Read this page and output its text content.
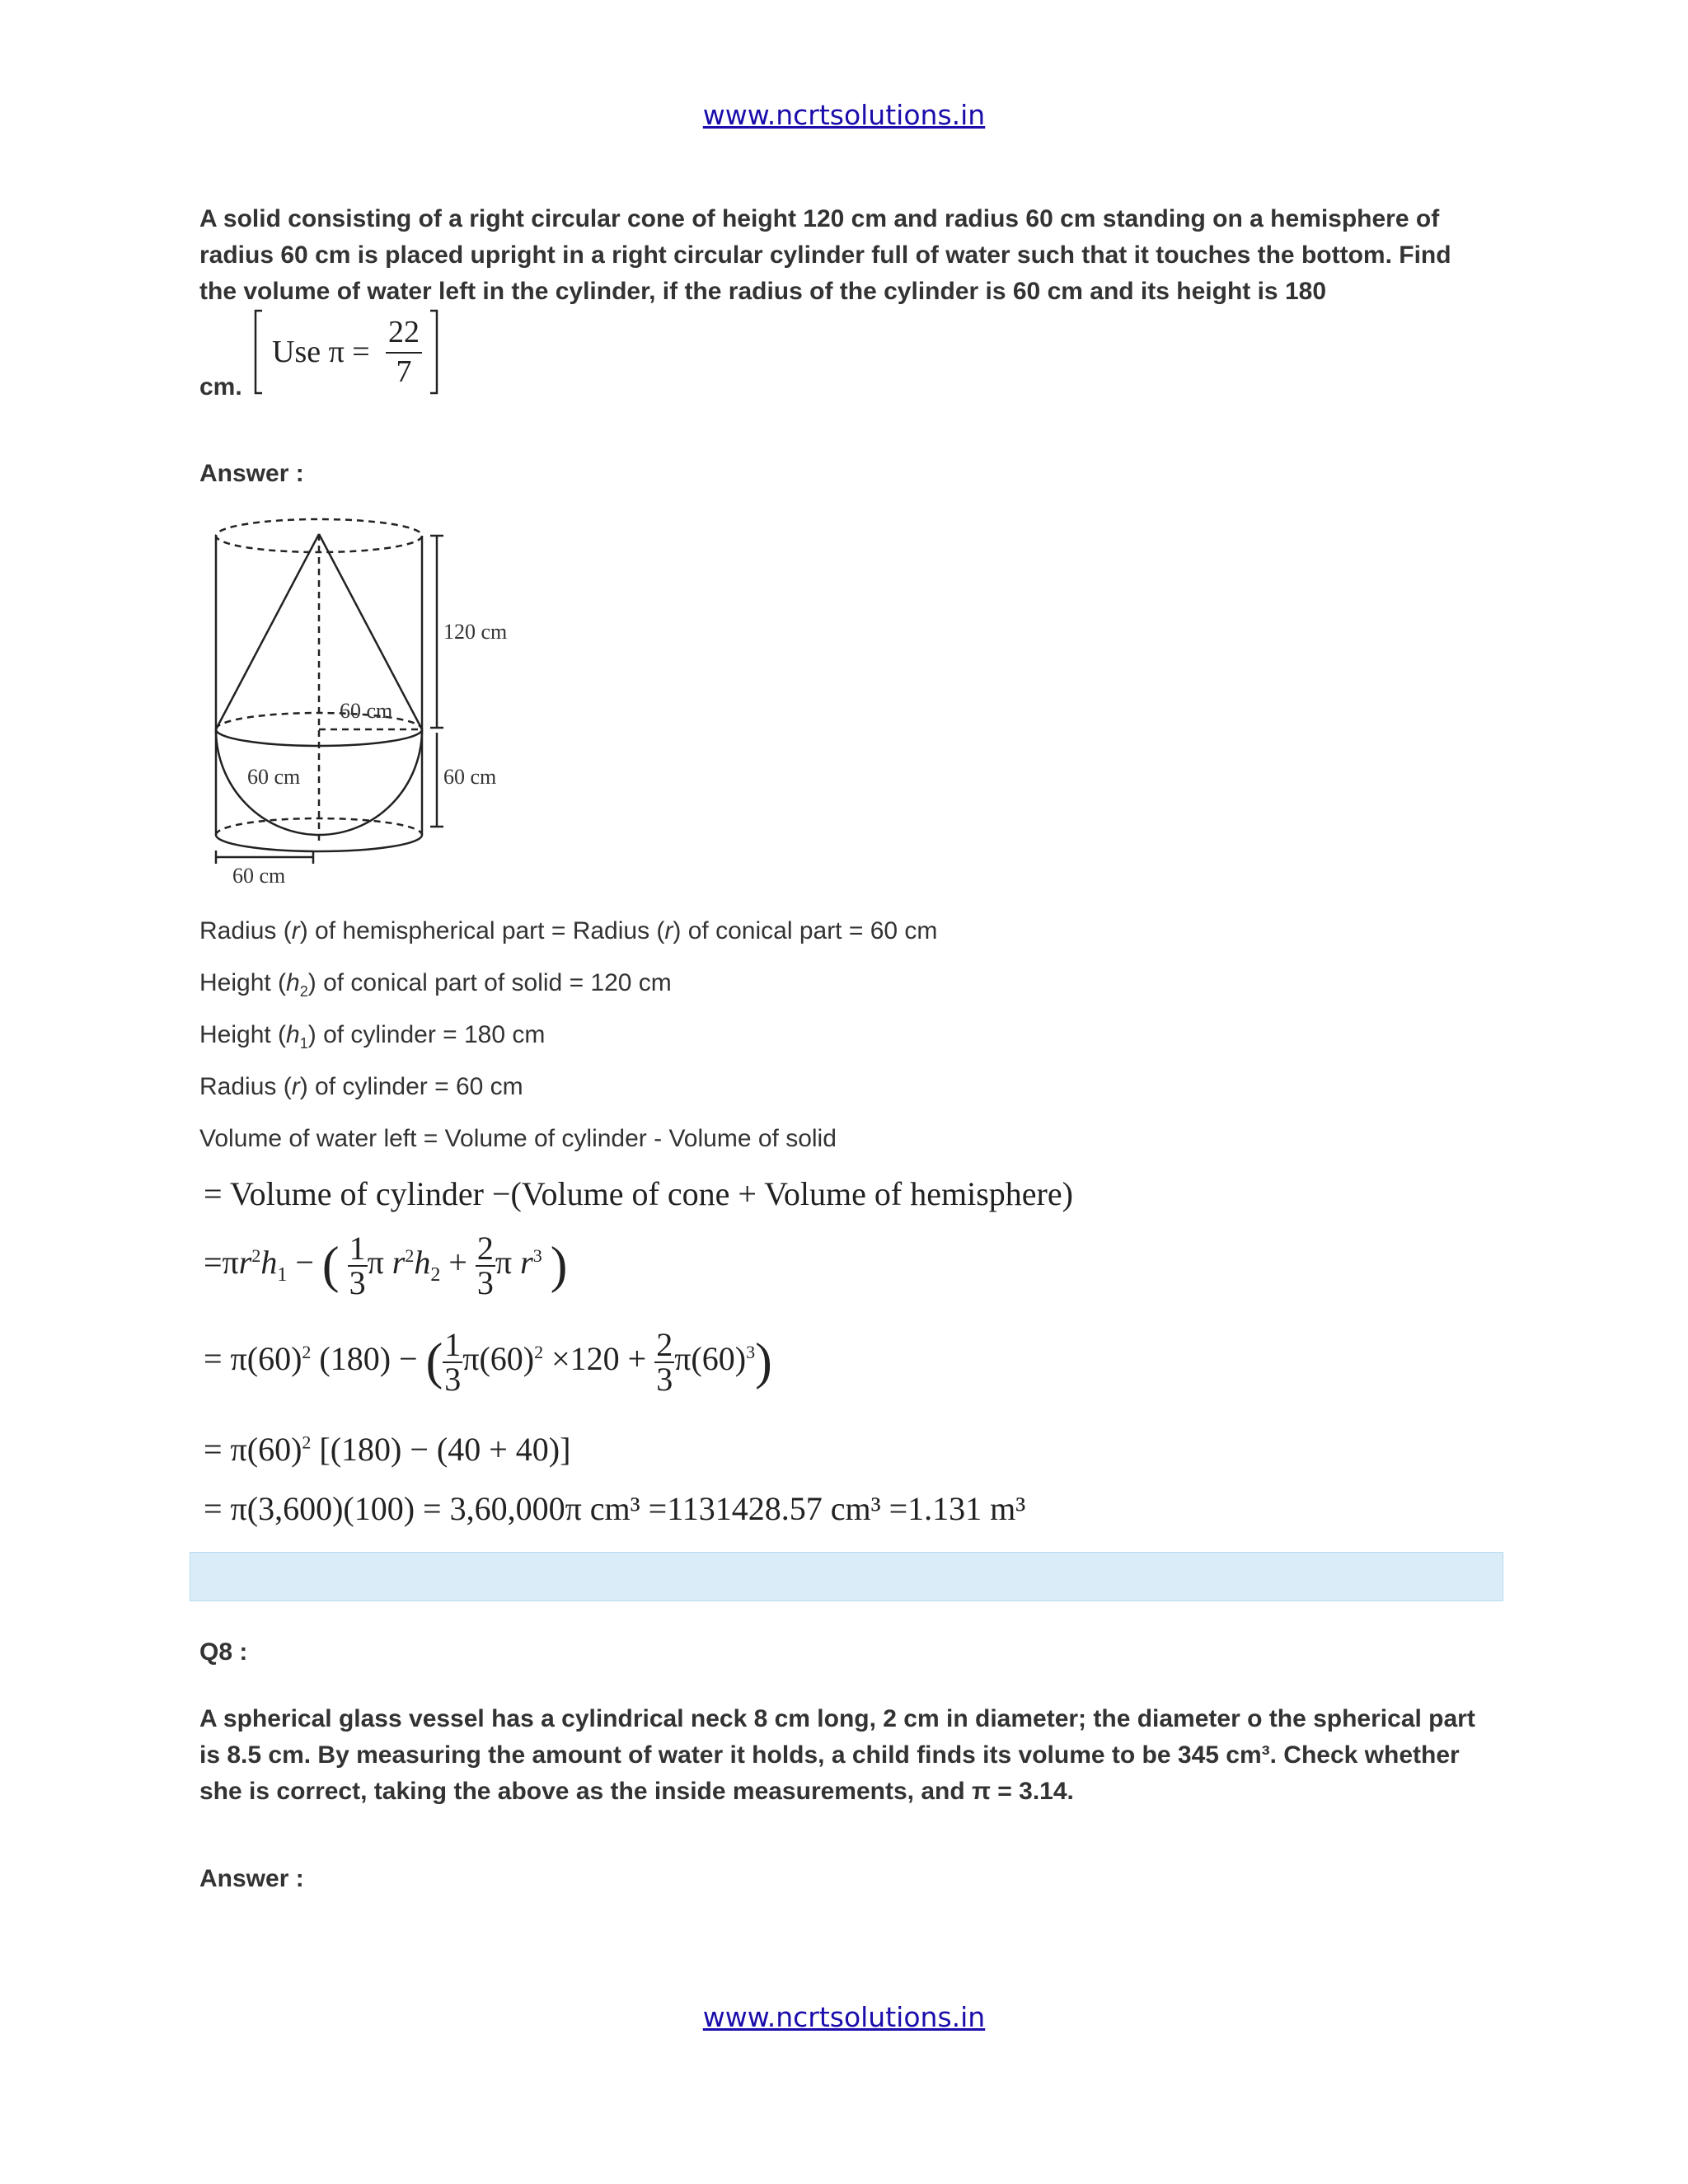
www.ncrtsolutions.in
A solid consisting of a right circular cone of height 120 cm and radius 60 cm standing on a hemisphere of
radius 60 cm is placed upright in a right circular cylinder full of water such that it touches the bottom. Find
the volume of water left in the cylinder, if the radius of the cylinder is 60 cm and its height is 180
cm.
Use π =
22
7
Answer :
120 cm
60 cm
60 cm	60 cm
60 cm
Radius (r) of hemispherical part = Radius (r) of conical part = 60 cm
Height $(h_2)$ of conical part of solid = 120 cm
Height $(h_1)$ of cylinder = 180 cm
Radius (r) of cylinder = 60 cm
Volume of water left = Volume of cylinder - Volume of solid
= Volume of cylinder −(Volume of cone + Volume of hemisphere)
$=\pi r^2h_1$ − ( $\frac{1}{3}$ π $r^2h_2 + \frac{2}{3}$ π $r^3$ )
= $\pi(60)^2$ (180) − ( $\frac{1}{3} \pi(60)^2 \times 120 + \frac{2}{3} \pi(60)^3$)
= $\pi(60)^2$ [(180) − (40 + 40)]
= π(3,600)(100) = 3,60,000π cm³ =1131428.57 cm³ =1.131 m³
Q8 :
A spherical glass vessel has a cylindrical neck 8 cm long, 2 cm in diameter; the diameter o the spherical part
is 8.5 cm. By measuring the amount of water it holds, a child finds its volume to be 345 cm³. Check whether
she is correct, taking the above as the inside measurements, and π = 3.14.
Answer :
www.ncrtsolutions.in
